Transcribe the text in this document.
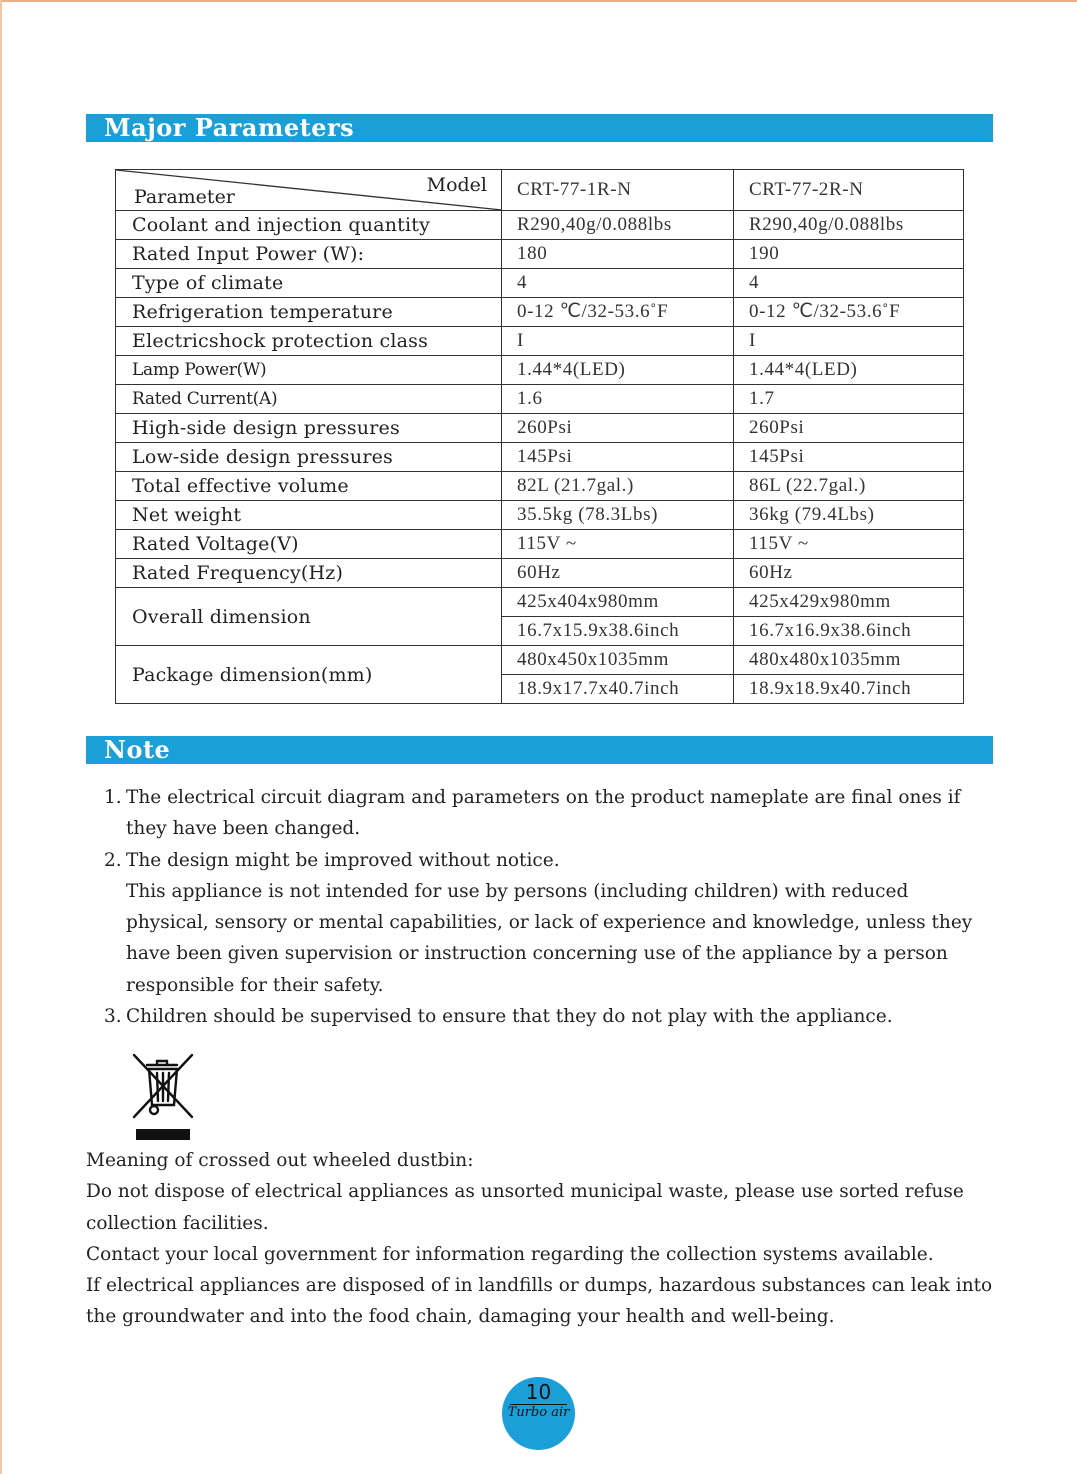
Major Parameters
Model
Parameter	CRT-77-1R-N	CRT-77-2R-N
Coolant and injection quantity	R290,40g/0.088lbs	R290,40g/0.088lbs
Rated Input Power (W):	180	190
Type of climate	4	4
Refrigeration temperature	0-12 ℃/32-53.6˚F	0-12 ℃/32-53.6˚F
Electricshock protection class	I	I
Lamp Power(W)	1.44*4(LED)	1.44*4(LED)
Rated Current(A)	1.6	1.7
High-side design pressures	260Psi	260Psi
Low-side design pressures	145Psi	145Psi
Total effective volume	82L (21.7gal.)	86L (22.7gal.)
Net weight	35.5kg (78.3Lbs)	36kg (79.4Lbs)
Rated Voltage(V)	115V ~	115V ~
Rated Frequency(Hz)	60Hz	60Hz
Overall dimension	425x404x980mm	425x429x980mm
	16.7x15.9x38.6inch	16.7x16.9x38.6inch
Package dimension(mm)	480x450x1035mm	480x480x1035mm
	18.9x17.7x40.7inch	18.9x18.9x40.7inch
Note
1. The electrical circuit diagram and parameters on the product nameplate are final ones if they have been changed.
2. The design might be improved without notice.
This appliance is not intended for use by persons (including children) with reduced physical, sensory or mental capabilities, or lack of experience and knowledge, unless they have been given supervision or instruction concerning use of the appliance by a person responsible for their safety.
3. Children should be supervised to ensure that they do not play with the appliance.
Meaning of crossed out wheeled dustbin:
Do not dispose of electrical appliances as unsorted municipal waste, please use sorted refuse collection facilities.
Contact your local government for information regarding the collection systems available.
If electrical appliances are disposed of in landfills or dumps, hazardous substances can leak into the groundwater and into the food chain, damaging your health and well-being.
10
Turbo air
